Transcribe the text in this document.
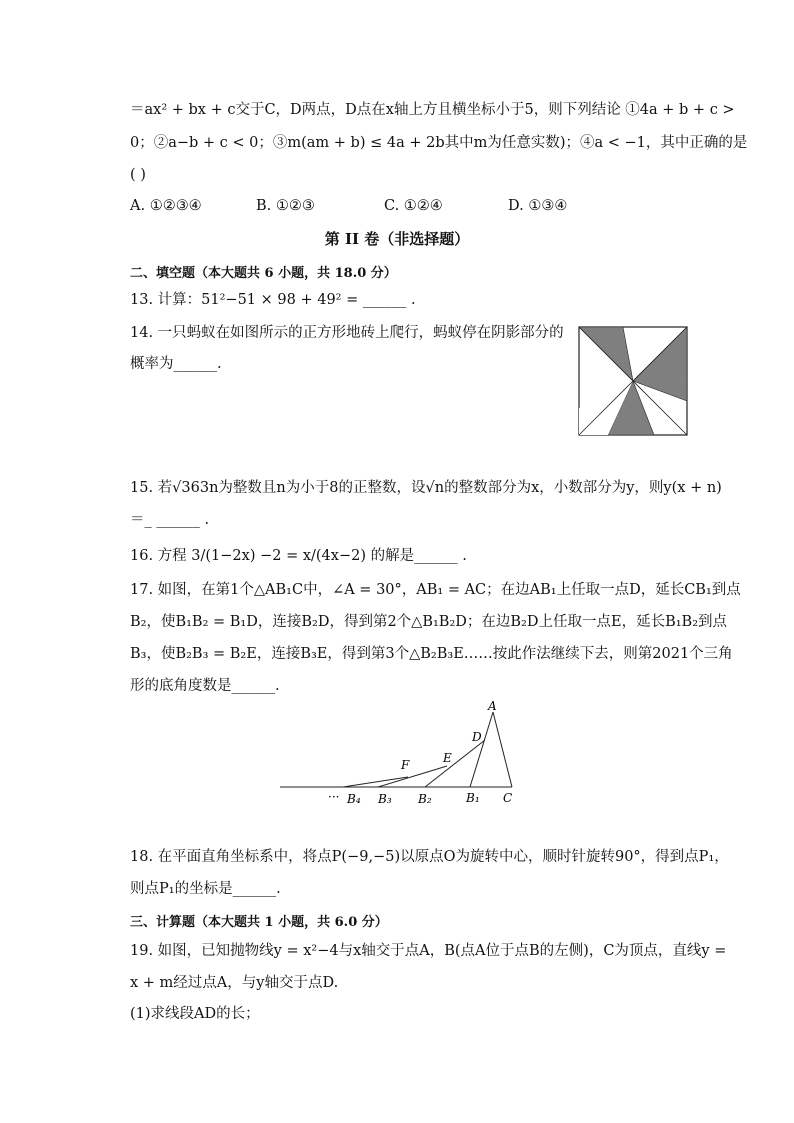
＝ax² + bx + c交于C，D两点，D点在x轴上方且横坐标小于5，则下列结论 ①4a + b + c >
0；②a−b + c < 0；③m(am + b) ≤ 4a + 2b其中m为任意实数)；④a < −1，其中正确的是
( )
A. ①②③④	B. ①②③	C. ①②④	D. ①③④
第 II 卷（非选择题）
二、填空题（本大题共 6 小题，共 18.0 分）
13. 计算：51²−51 × 98 + 49² = ______ .
14. 一只蚂蚁在如图所示的正方形地砖上爬行，蚂蚁停在阴影部分的
概率为______.
15. 若√363n为整数且n为小于8的正整数，设√n的整数部分为x，小数部分为y，则y(x + n)
＝_ ______ .
16. 方程 3/(1−2x) −2 = x/(4x−2) 的解是______ .
17. 如图，在第1个△AB₁C中，∠A = 30°，AB₁ = AC；在边AB₁上任取一点D，延长CB₁到点
B₂，使B₁B₂ = B₁D，连接B₂D，得到第2个△B₁B₂D；在边B₂D上任取一点E，延长B₁B₂到点
B₃，使B₂B₃ = B₂E，连接B₃E，得到第3个△B₂B₃E……按此作法继续下去，则第2021个三角
形的底角度数是______.
A
D
E
F
··· B₄ B₃ B₂	B₁ C
18. 在平面直角坐标系中，将点P(−9,−5)以原点O为旋转中心，顺时针旋转90°，得到点P₁，
则点P₁的坐标是______.
三、计算题（本大题共 1 小题，共 6.0 分）
19. 如图，已知抛物线y = x²−4与x轴交于点A，B(点A位于点B的左侧)，C为顶点，直线y =
x + m经过点A，与y轴交于点D.
(1)求线段AD的长；
